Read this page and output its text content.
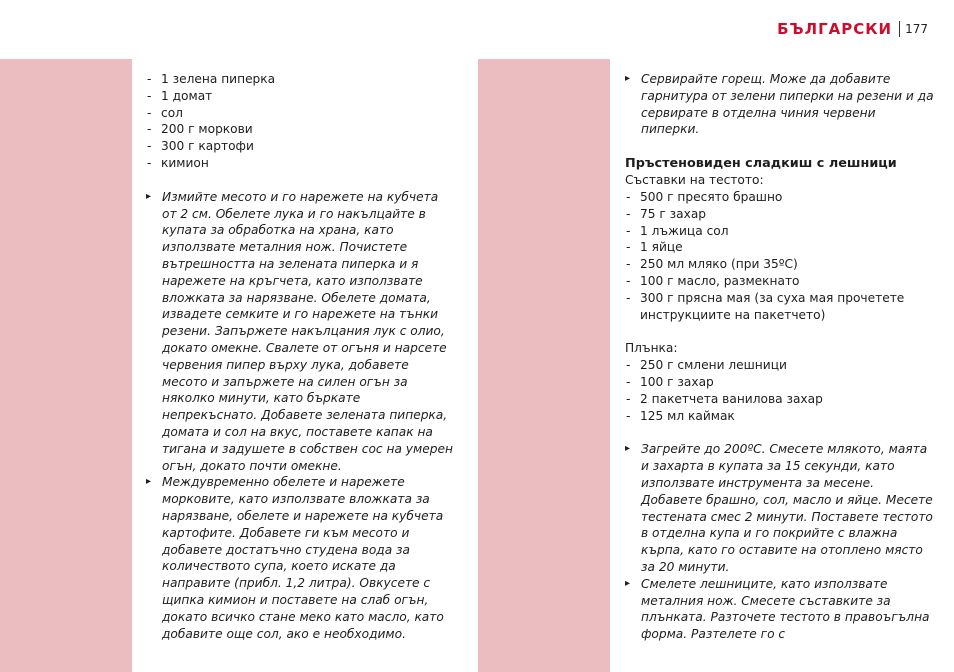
БЪЛГАРСКИ 177
- 1 зелена пиперка
- 1 домат
- сол
- 200 г моркови
- 300 г картофи
- кимион
▸ Измийте месото и го нарежете на кубчета от 2 см. Обелете лука и го накълцайте в купата за обработка на храна, като използвате металния нож. Почистете вътрешността на зелената пиперка и я нарежете на кръгчета, като използвате вложката за нарязване. Обелете домата, извадете семките и го нарежете на тънки резени. Запържете накълцания лук с олио, докато омекне. Свалете от огъня и нарсете червения пипер върху лука, добавете месото и запържете на силен огън за няколко минути, като бъркате непрекъснато. Добавете зелената пиперка, домата и сол на вкус, поставете капак на тигана и задушете в собствен сос на умерен огън, докато почти омекне.
▸ Междувременно обелете и нарежете морковите, като използвате вложката за нарязване, обелете и нарежете на кубчета картофите. Добавете ги към месото и добавете достатъчно студена вода за количеството супа, което искате да направите (прибл. 1,2 литра). Овкусете с щипка кимион и поставете на слаб огън, докато всичко стане меко като масло, като добавите още сол, ако е необходимо.
▸ Сервирайте горещ. Може да добавите гарнитура от зелени пиперки на резени и да сервирате в отделна чиния червени пиперки.
Пръстеновиден сладкиш с лешници
Съставки на тестото:
- 500 г пресято брашно
- 75 г захар
- 1 лъжица сол
- 1 яйце
- 250 мл мляко (при 35ºC)
- 100 г масло, размекнато
- 300 г прясна мая (за суха мая прочетете инструкциите на пакетчето)
Плънка:
- 250 г смлени лешници
- 100 г захар
- 2 пакетчета ванилова захар
- 125 мл каймак
▸ Загрейте до 200ºC. Смесете млякото, маята и захарта в купата за 15 секунди, като използвате инструмента за месене. Добавете брашно, сол, масло и яйце. Месете тестената смес 2 минути. Поставете тестото в отделна купа и го покрийте с влажна кърпа, като го оставите на отоплено място за 20 минути.
▸ Смелете лешниците, като използвате металния нож. Смесете съставките за плънката. Разточете тестото в правоъгълна форма. Разтелете го с
